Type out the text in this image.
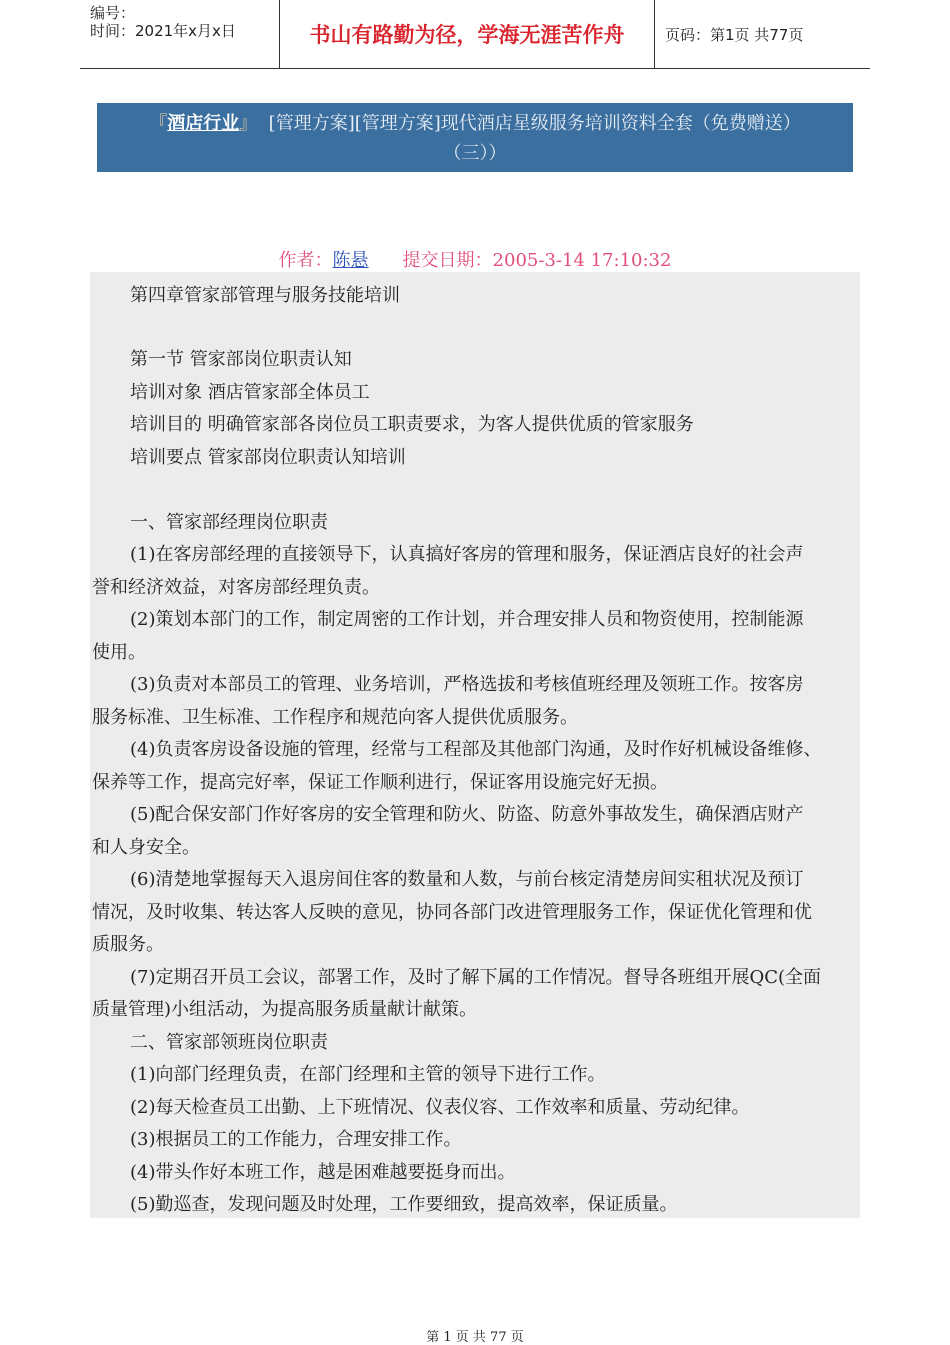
编号：
时间：2021年x月x日	书山有路勤为径，学海无涯苦作舟	页码：第1页 共77页
『酒店行业』 [管理方案][管理方案]现代酒店星级服务培训资料全套（免费赠送）
（三））
作者：陈悬 提交日期：2005-3-14 17:10:32
第四章管家部管理与服务技能培训
第一节 管家部岗位职责认知
培训对象 酒店管家部全体员工
培训目的 明确管家部各岗位员工职责要求，为客人提供优质的管家服务
培训要点 管家部岗位职责认知培训
一、管家部经理岗位职责
(1)在客房部经理的直接领导下，认真搞好客房的管理和服务，保证酒店良好的社会声
誉和经济效益，对客房部经理负责。
(2)策划本部门的工作，制定周密的工作计划，并合理安排人员和物资使用，控制能源
使用。
(3)负责对本部员工的管理、业务培训，严格选拔和考核值班经理及领班工作。按客房
服务标准、卫生标准、工作程序和规范向客人提供优质服务。
(4)负责客房设备设施的管理，经常与工程部及其他部门沟通，及时作好机械设备维修、
保养等工作，提高完好率，保证工作顺利进行，保证客用设施完好无损。
(5)配合保安部门作好客房的安全管理和防火、防盗、防意外事故发生，确保酒店财产
和人身安全。
(6)清楚地掌握每天入退房间住客的数量和人数，与前台核定清楚房间实租状况及预订
情况，及时收集、转达客人反映的意见，协同各部门改进管理服务工作，保证优化管理和优
质服务。
(7)定期召开员工会议，部署工作，及时了解下属的工作情况。督导各班组开展QC(全面
质量管理)小组活动，为提高服务质量献计献策。
二、管家部领班岗位职责
(1)向部门经理负责，在部门经理和主管的领导下进行工作。
(2)每天检查员工出勤、上下班情况、仪表仪容、工作效率和质量、劳动纪律。
(3)根据员工的工作能力，合理安排工作。
(4)带头作好本班工作，越是困难越要挺身而出。
(5)勤巡查，发现问题及时处理，工作要细致，提高效率，保证质量。
第 1 页 共 77 页
